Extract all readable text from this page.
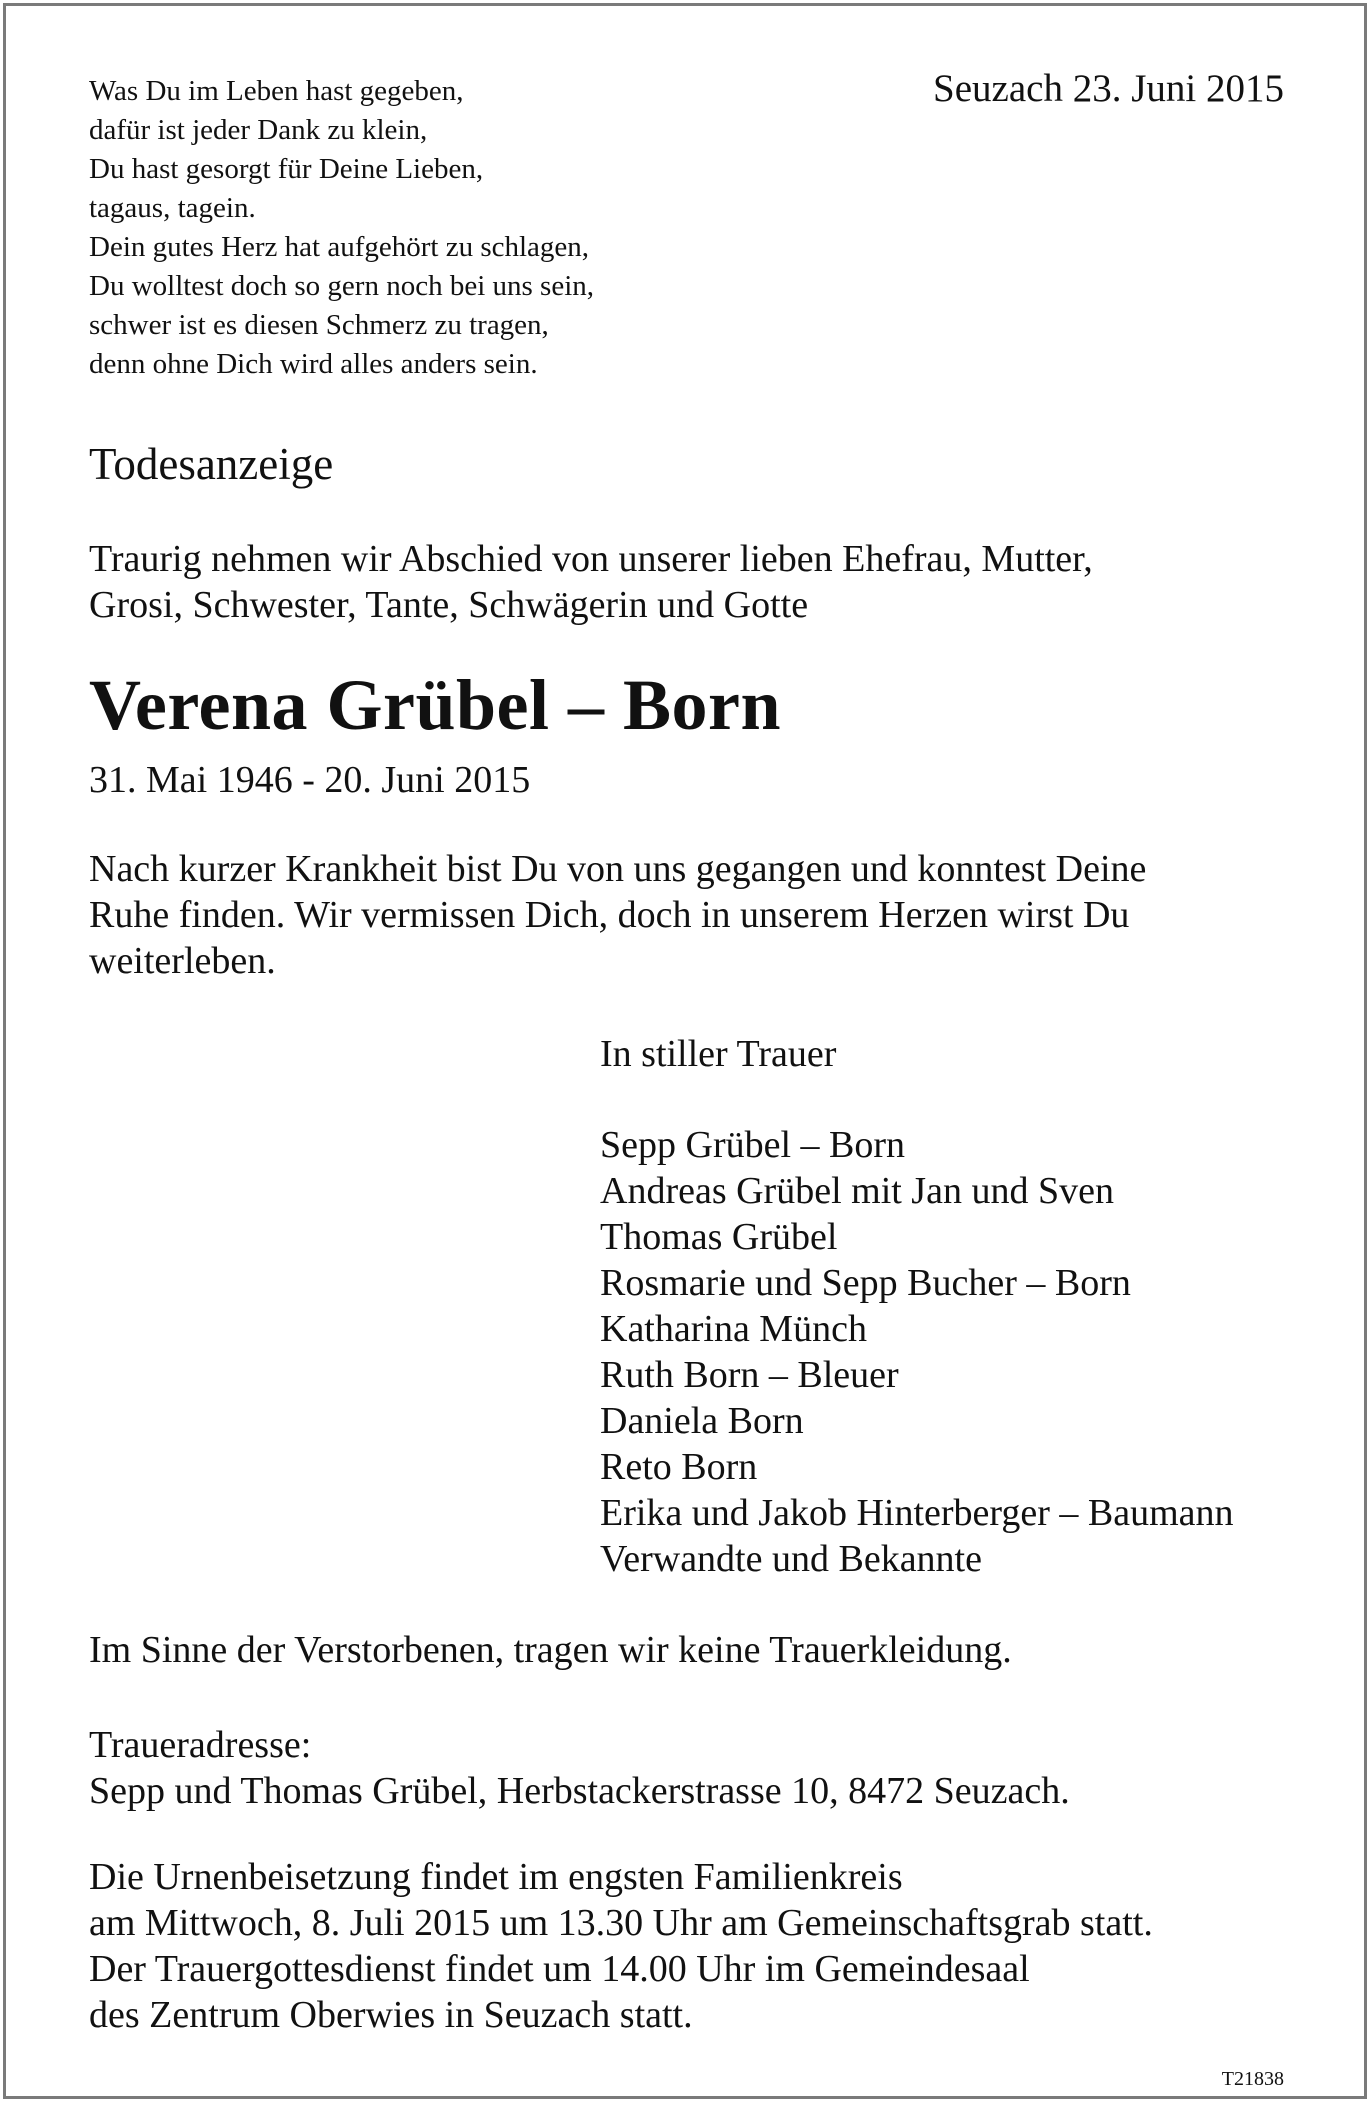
Was Du im Leben hast gegeben,
dafür ist jeder Dank zu klein,
Du hast gesorgt für Deine Lieben,
tagaus, tagein.
Dein gutes Herz hat aufgehört zu schlagen,
Du wolltest doch so gern noch bei uns sein,
schwer ist es diesen Schmerz zu tragen,
denn ohne Dich wird alles anders sein.
Seuzach 23. Juni 2015
Todesanzeige
Traurig nehmen wir Abschied von unserer lieben Ehefrau, Mutter,
Grosi, Schwester, Tante, Schwägerin und Gotte
Verena Grübel – Born
31. Mai 1946 - 20. Juni 2015
Nach kurzer Krankheit bist Du von uns gegangen und konntest Deine
Ruhe finden. Wir vermissen Dich, doch in unserem Herzen wirst Du
weiterleben.
In stiller Trauer
Sepp Grübel – Born
Andreas Grübel mit Jan und Sven
Thomas Grübel
Rosmarie und Sepp Bucher – Born
Katharina Münch
Ruth Born – Bleuer
Daniela Born
Reto Born
Erika und Jakob Hinterberger – Baumann
Verwandte und Bekannte
Im Sinne der Verstorbenen, tragen wir keine Trauerkleidung.
Traueradresse:
Sepp und Thomas Grübel, Herbstackerstrasse 10, 8472 Seuzach.
Die Urnenbeisetzung findet im engsten Familienkreis
am Mittwoch, 8. Juli 2015 um 13.30 Uhr am Gemeinschaftsgrab statt.
Der Trauergottesdienst findet um 14.00 Uhr im Gemeindesaal
des Zentrum Oberwies in Seuzach statt.
T21838
